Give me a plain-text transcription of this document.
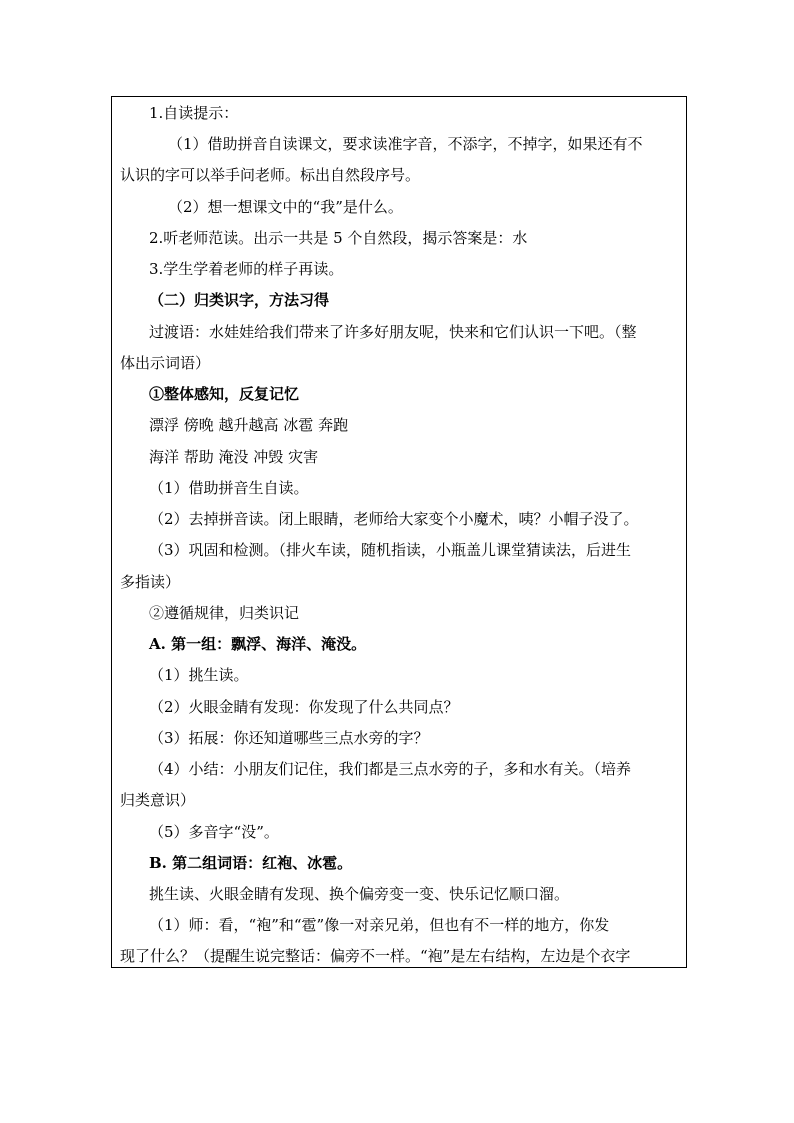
1.自读提示：
（1）借助拼音自读课文，要求读准字音，不添字，不掉字，如果还有不
认识的字可以举手问老师。标出自然段序号。
（2）想一想课文中的“我”是什么。
2.听老师范读。出示一共是 5 个自然段，揭示答案是：水
3.学生学着老师的样子再读。
（二）归类识字，方法习得
过渡语：水娃娃给我们带来了许多好朋友呢，快来和它们认识一下吧。（整
体出示词语）
①整体感知，反复记忆
漂浮 傍晚 越升越高 冰雹 奔跑
海洋 帮助 淹没 冲毁 灾害
（1）借助拼音生自读。
（2）去掉拼音读。闭上眼睛，老师给大家变个小魔术，咦？小帽子没了。
（3）巩固和检测。（排火车读，随机指读，小瓶盖儿课堂猜读法，后进生
多指读）
②遵循规律，归类识记
A. 第一组：飘浮、海洋、淹没。
（1）挑生读。
（2）火眼金睛有发现：你发现了什么共同点？
（3）拓展：你还知道哪些三点水旁的字？
（4）小结：小朋友们记住，我们都是三点水旁的子，多和水有关。（培养
归类意识）
（5）多音字“没”。
B. 第二组词语：红袍、冰雹。
挑生读、火眼金睛有发现、换个偏旁变一变、快乐记忆顺口溜。
（1）师：看，“袍”和“雹”像一对亲兄弟，但也有不一样的地方，你发
现了什么？（提醒生说完整话：偏旁不一样。“袍”是左右结构，左边是个衣字
